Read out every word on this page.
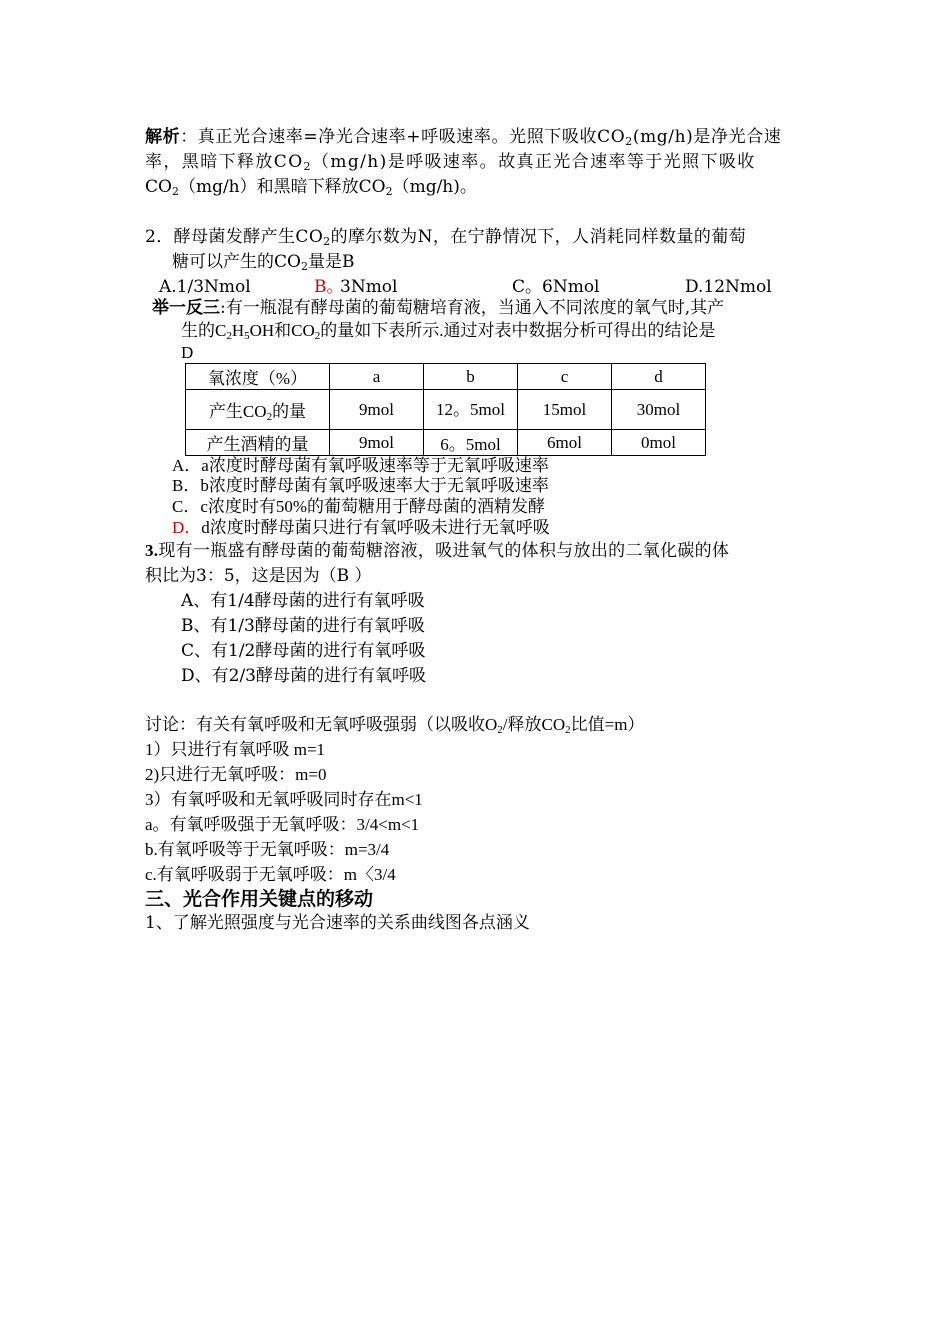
解析：真正光合速率=净光合速率+呼吸速率。光照下吸收$CO_2(mg/h)$是净光合速
率，黑暗下释放$CO_2(mg/h)$是呼吸速率。故真正光合速率等于光照下吸收
$CO_2(mg/h)$和黑暗下释放$CO_2(mg/h)$。
2．酵母菌发酵产生$CO_2$的摩尔数为N，在宁静情况下，人消耗同样数量的葡萄
糖可以产生的$CO_2$量是B
A.1/3Nmol	B。
3Nmol	C。6Nmol	D.12Nmol
举一反三:有一瓶混有酵母菌的葡萄糖培育液，当通入不同浓度的氧气时,其产
生的$C_2H_5OH$和$CO_2$的量如下表所示.通过对表中数据分析可得出的结论是
D
氧浓度（%）	a	b	c	d
产生$CO_2$的量	9mol	12。5mol	15mol	30mol
产生酒精的量	9mol	6。5mol	6mol	0mol
A．a浓度时酵母菌有氧呼吸速率等于无氧呼吸速率
B．b浓度时酵母菌有氧呼吸速率大于无氧呼吸速率
C．c浓度时有50%的葡萄糖用于酵母菌的酒精发酵
D．d浓度时酵母菌只进行有氧呼吸未进行无氧呼吸
3.现有一瓶盛有酵母菌的葡萄糖溶液，吸进氧气的体积与放出的二氧化碳的体
积比为3：5，这是因为（B ）
A、有1/4酵母菌的进行有氧呼吸
B、有1/3酵母菌的进行有氧呼吸
C、有1/2酵母菌的进行有氧呼吸
D、有2/3酵母菌的进行有氧呼吸
讨论：有关有氧呼吸和无氧呼吸强弱（以吸收$O_2/$释放$CO_2$比值=m）
1）只进行有氧呼吸 m=1
2)只进行无氧呼吸：m=0
3）有氧呼吸和无氧呼吸同时存在m<1
a。有氧呼吸强于无氧呼吸：3/4<m<1
b.有氧呼吸等于无氧呼吸：m=3/4
c.有氧呼吸弱于无氧呼吸：m〈3/4
三、光合作用关键点的移动
1、了解光照强度与光合速率的关系曲线图各点涵义
